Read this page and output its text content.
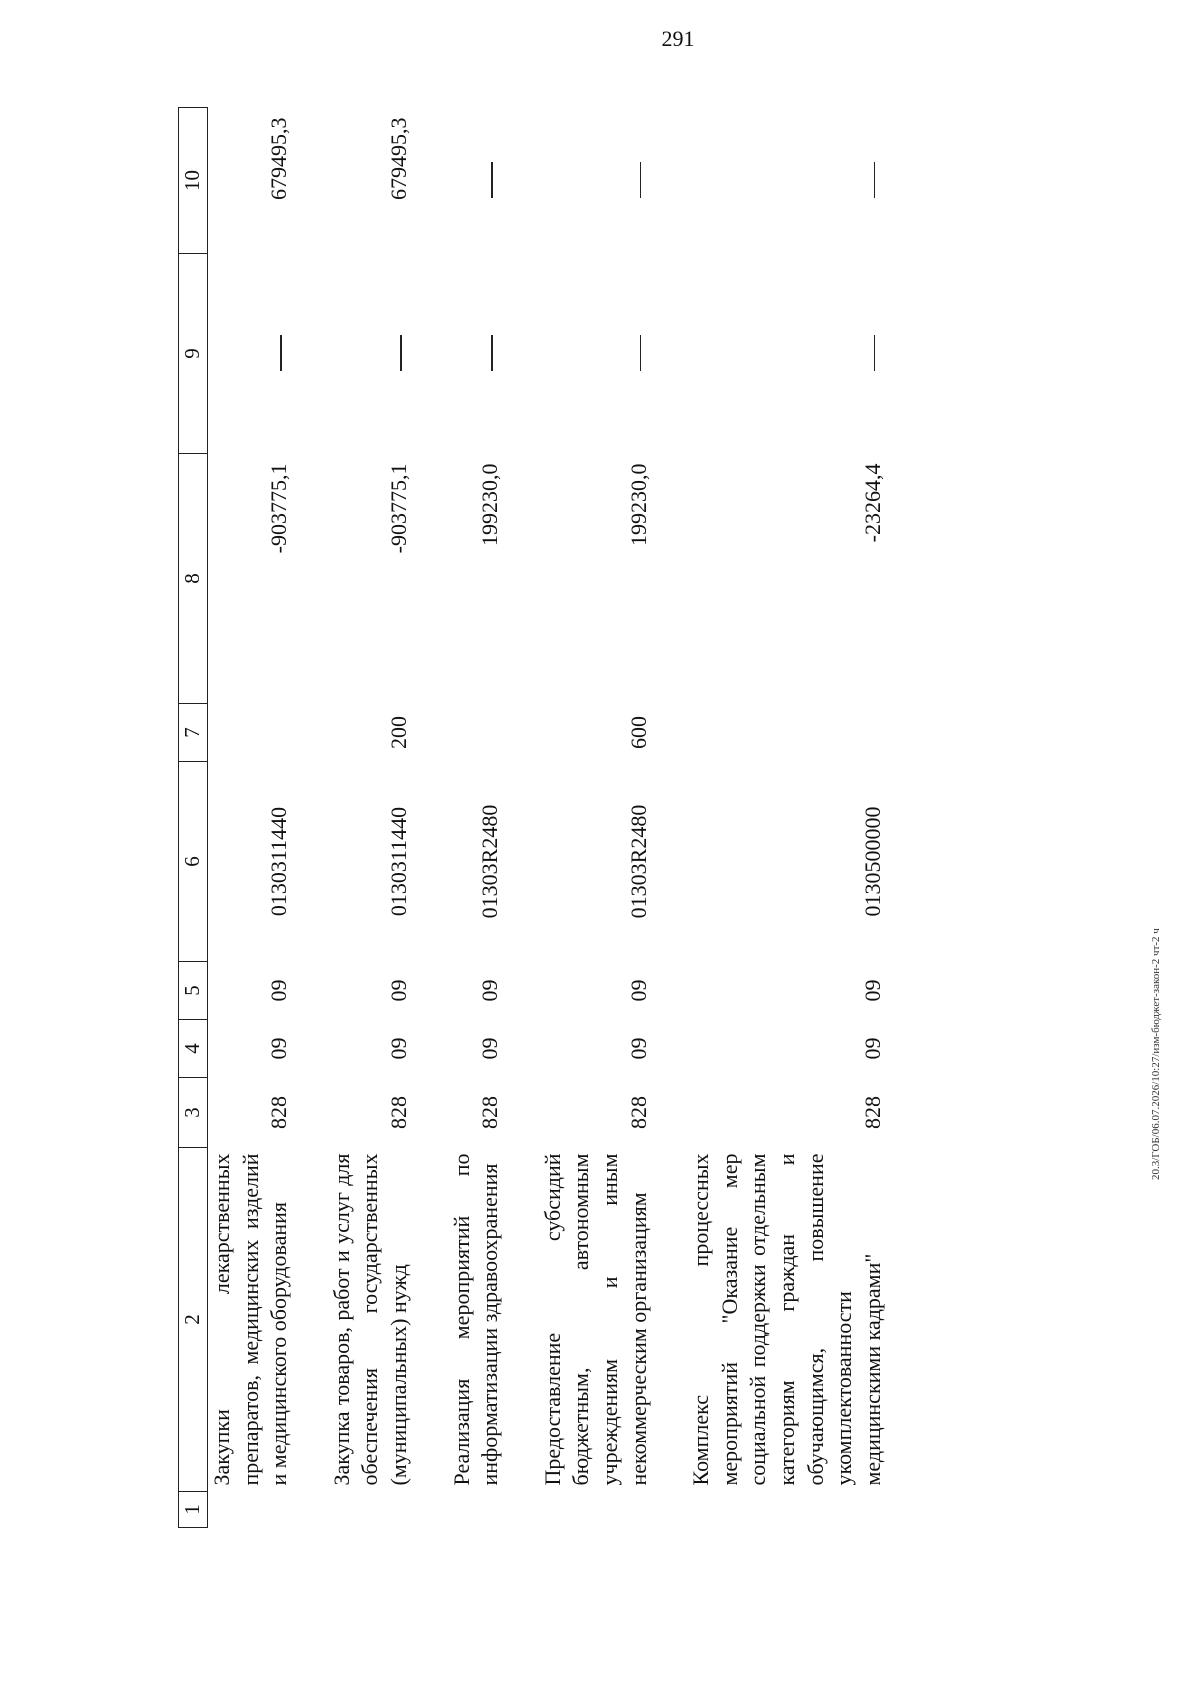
291
1	2	3	4	5	6	7	8	9	10
	Закупки лекарственных препаратов, медицинских изделий и медицинского оборудования	828	09	09	0130311440		-903775,1		679495,3

	Закупка товаров, работ и услуг для обеспечения государственных (муниципальных) нужд	828	09	09	0130311440	200	-903775,1		679495,3

	Реализация мероприятий по информатизации здравоохранения	828	09	09	01303R2480		199230,0		

	Предоставление субсидий бюджетным, автономным учреждениям и иным некоммерческим организациям	828	09	09	01303R2480	600	199230,0		

	Комплекс процессных мероприятий "Оказание мер социальной поддержки отдельным категориям граждан и обучающимся, повышение укомплектованности медицинскими кадрами"	828	09	09	0130500000		-23264,4		
20.3/ГОБ/06.07.2026/10:27/изм-бюджет-закон-2 чт-2 ч
